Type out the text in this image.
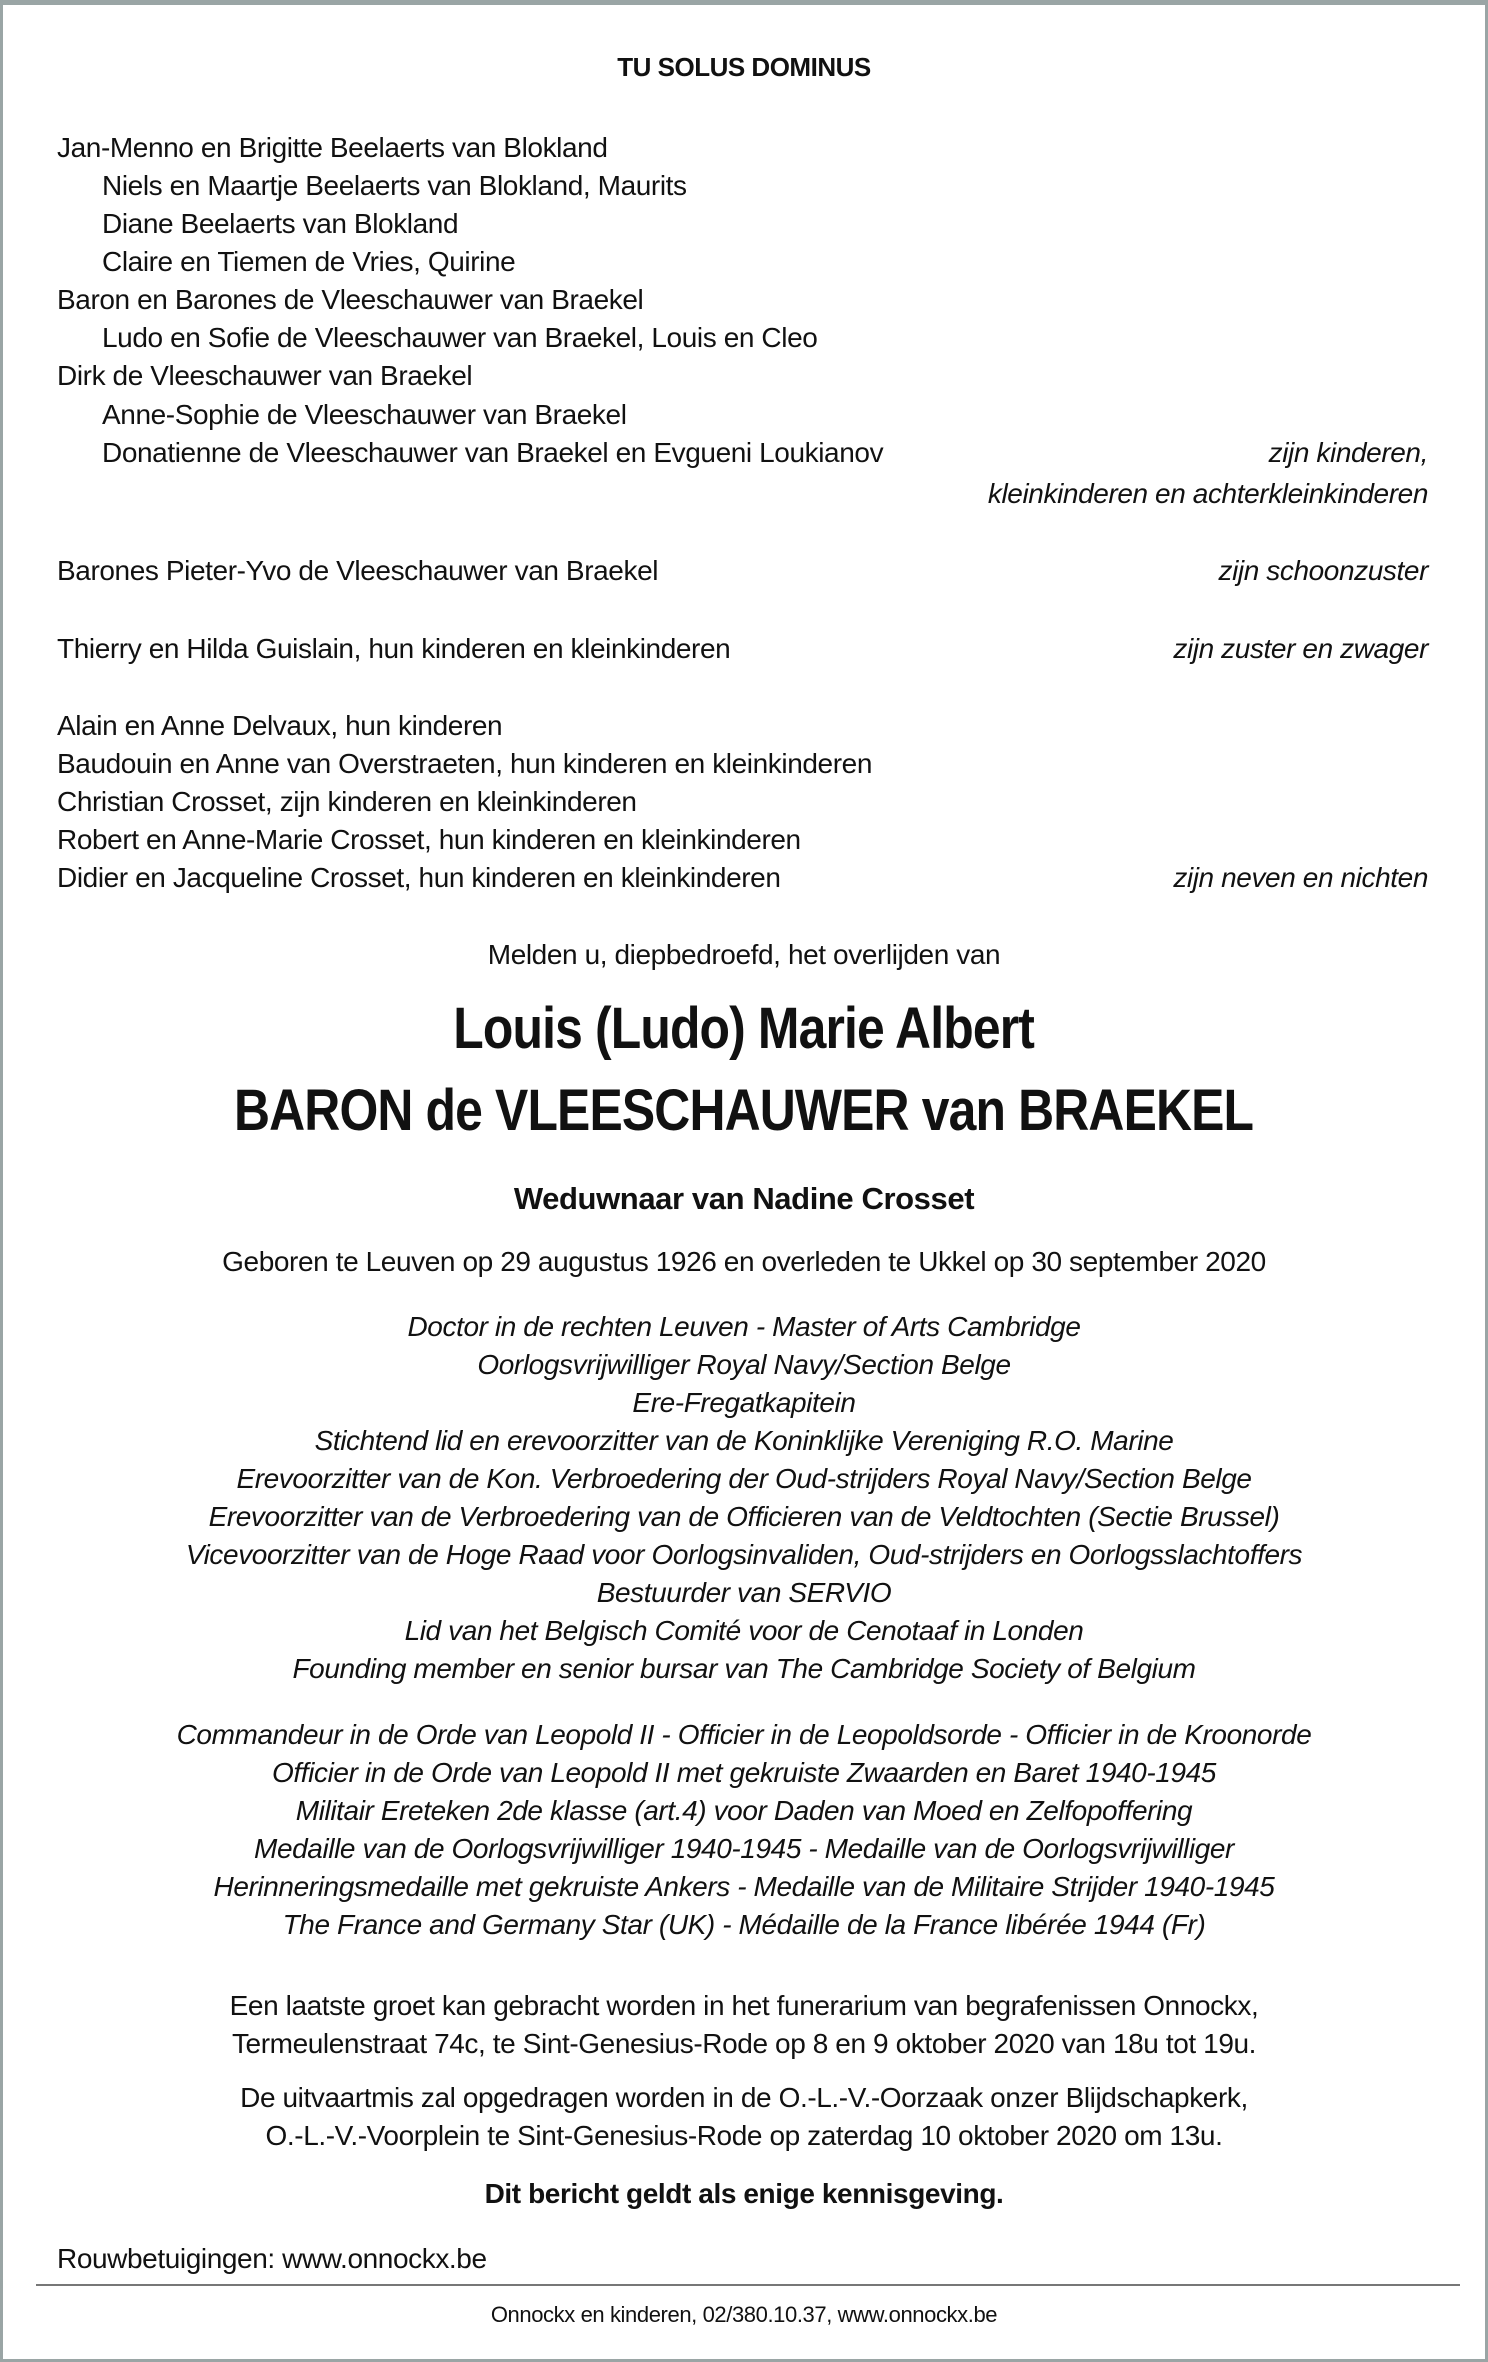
TU SOLUS DOMINUS
Jan-Menno en Brigitte Beelaerts van Blokland
Niels en Maartje Beelaerts van Blokland, Maurits
Diane Beelaerts van Blokland
Claire en Tiemen de Vries, Quirine
Baron en Barones de Vleeschauwer van Braekel
Ludo en Sofie de Vleeschauwer van Braekel, Louis en Cleo
Dirk de Vleeschauwer van Braekel
Anne-Sophie de Vleeschauwer van Braekel
Donatienne de Vleeschauwer van Braekel en Evgueni Loukianov	zijn kinderen,
kleinkinderen en achterkleinkinderen
Barones Pieter-Yvo de Vleeschauwer van Braekel	zijn schoonzuster
Thierry en Hilda Guislain, hun kinderen en kleinkinderen	zijn zuster en zwager
Alain en Anne Delvaux, hun kinderen
Baudouin en Anne van Overstraeten, hun kinderen en kleinkinderen
Christian Crosset, zijn kinderen en kleinkinderen
Robert en Anne-Marie Crosset, hun kinderen en kleinkinderen
Didier en Jacqueline Crosset, hun kinderen en kleinkinderen	zijn neven en nichten
Melden u, diepbedroefd, het overlijden van
Louis (Ludo) Marie Albert
BARON de VLEESCHAUWER van BRAEKEL
Weduwnaar van Nadine Crosset
Geboren te Leuven op 29 augustus 1926 en overleden te Ukkel op 30 september 2020
Doctor in de rechten Leuven - Master of Arts Cambridge
Oorlogsvrijwilliger Royal Navy/Section Belge
Ere-Fregatkapitein
Stichtend lid en erevoorzitter van de Koninklijke Vereniging R.O. Marine
Erevoorzitter van de Kon. Verbroedering der Oud-strijders Royal Navy/Section Belge
Erevoorzitter van de Verbroedering van de Officieren van de Veldtochten (Sectie Brussel)
Vicevoorzitter van de Hoge Raad voor Oorlogsinvaliden, Oud-strijders en Oorlogsslachtoffers
Bestuurder van SERVIO
Lid van het Belgisch Comité voor de Cenotaaf in Londen
Founding member en senior bursar van The Cambridge Society of Belgium
Commandeur in de Orde van Leopold II - Officier in de Leopoldsorde - Officier in de Kroonorde
Officier in de Orde van Leopold II met gekruiste Zwaarden en Baret 1940-1945
Militair Ereteken 2de klasse (art.4) voor Daden van Moed en Zelfopoffering
Medaille van de Oorlogsvrijwilliger 1940-1945 - Medaille van de Oorlogsvrijwilliger
Herinneringsmedaille met gekruiste Ankers - Medaille van de Militaire Strijder 1940-1945
The France and Germany Star (UK) - Médaille de la France libérée 1944 (Fr)
Een laatste groet kan gebracht worden in het funerarium van begrafenissen Onnockx,
Termeulenstraat 74c, te Sint-Genesius-Rode op 8 en 9 oktober 2020 van 18u tot 19u.
De uitvaartmis zal opgedragen worden in de O.-L.-V.-Oorzaak onzer Blijdschapkerk,
O.-L.-V.-Voorplein te Sint-Genesius-Rode op zaterdag 10 oktober 2020 om 13u.
Dit bericht geldt als enige kennisgeving.
Rouwbetuigingen: www.onnockx.be
Onnockx en kinderen, 02/380.10.37, www.onnockx.be
